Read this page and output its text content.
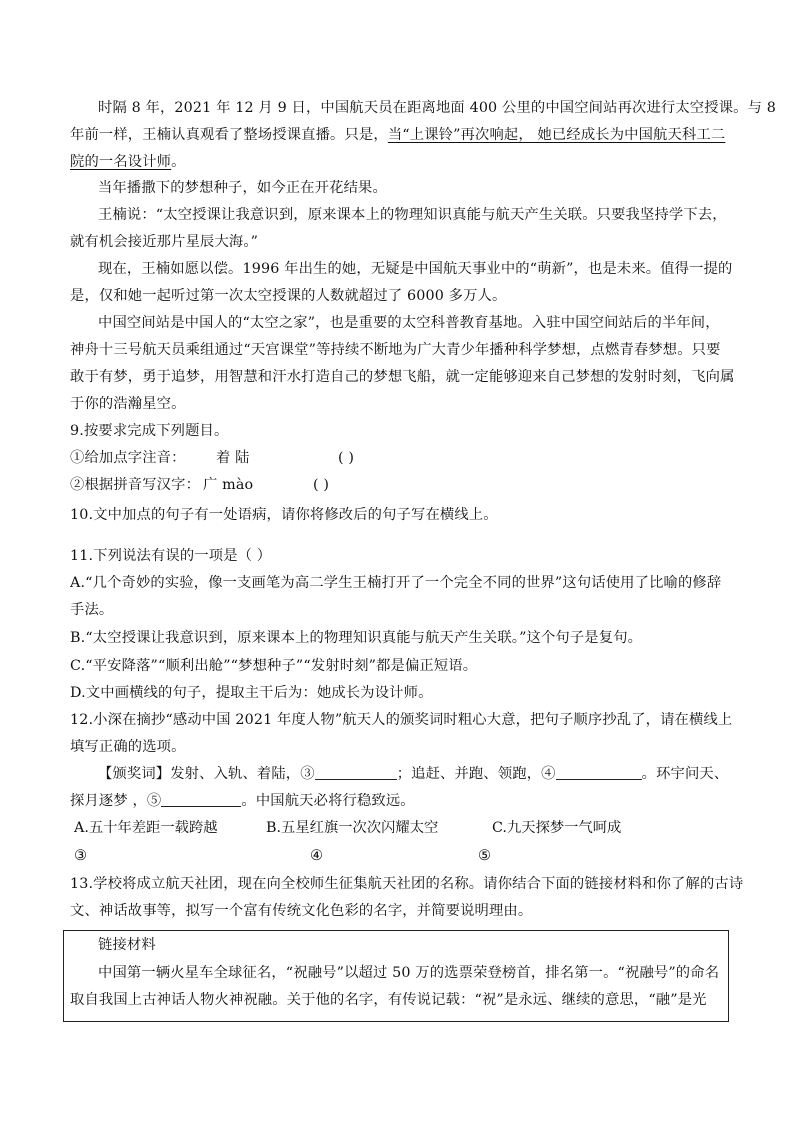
时隔 8 年，2021 年 12 月 9 日，中国航天员在距离地面 400 公里的中国空间站再次进行太空授课。与 8
年前一样，王楠认真观看了整场授课直播。只是，当“上课铃”再次响起， 她已经成长为中国航天科工二
院的一名设计师。
当年播撒下的梦想种子，如今正在开花结果。
王楠说：“太空授课让我意识到，原来课本上的物理知识真能与航天产生关联。只要我坚持学下去，
就有机会接近那片星辰大海。”
现在，王楠如愿以偿。1996 年出生的她，无疑是中国航天事业中的“萌新”，也是未来。值得一提的
是，仅和她一起听过第一次太空授课的人数就超过了 6000 多万人。
中国空间站是中国人的“太空之家”，也是重要的太空科普教育基地。入驻中国空间站后的半年间，
神舟十三号航天员乘组通过“天宫课堂”等持续不断地为广大青少年播种科学梦想，点燃青春梦想。只要
敢于有梦，勇于追梦，用智慧和汗水打造自己的梦想飞船，就一定能够迎来自己梦想的发射时刻，飞向属
于你的浩瀚星空。
9.按要求完成下列题目。
①给加点字注音： 着 陆	( )
②根据拼音写汉字： 广 mào	( )
10.文中加点的句子有一处语病，请你将修改后的句子写在横线上。
11.下列说法有误的一项是（ ）
A.“几个奇妙的实验，像一支画笔为高二学生王楠打开了一个完全不同的世界”这句话使用了比喻的修辞
手法。
B.“太空授课让我意识到，原来课本上的物理知识真能与航天产生关联。”这个句子是复句。
C.“平安降落”“顺利出舱”“梦想种子”“发射时刻”都是偏正短语。
D.文中画横线的句子，提取主干后为：她成长为设计师。
12.小深在摘抄“感动中国 2021 年度人物”航天人的颁奖词时粗心大意，把句子顺序抄乱了，请在横线上
填写正确的选项。
【颁奖词】发射、入轨、着陆，③	；追赶、并跑、领跑，④	。环宇问天、
探月逐梦 ，⑤	。中国航天必将行稳致远。
A.五十年差距一载跨越	B.五星红旗一次次闪耀太空	C.九天探梦一气呵成
③	④	⑤
13.学校将成立航天社团，现在向全校师生征集航天社团的名称。请你结合下面的链接材料和你了解的古诗
文、神话故事等，拟写一个富有传统文化色彩的名字，并简要说明理由。
链接材料
中国第一辆火星车全球征名，“祝融号”以超过 50 万的选票荣登榜首，排名第一。“祝融号”的命名
取自我国上古神话人物火神祝融。关于他的名字，有传说记载：“祝”是永远、继续的意思，“融”是光
